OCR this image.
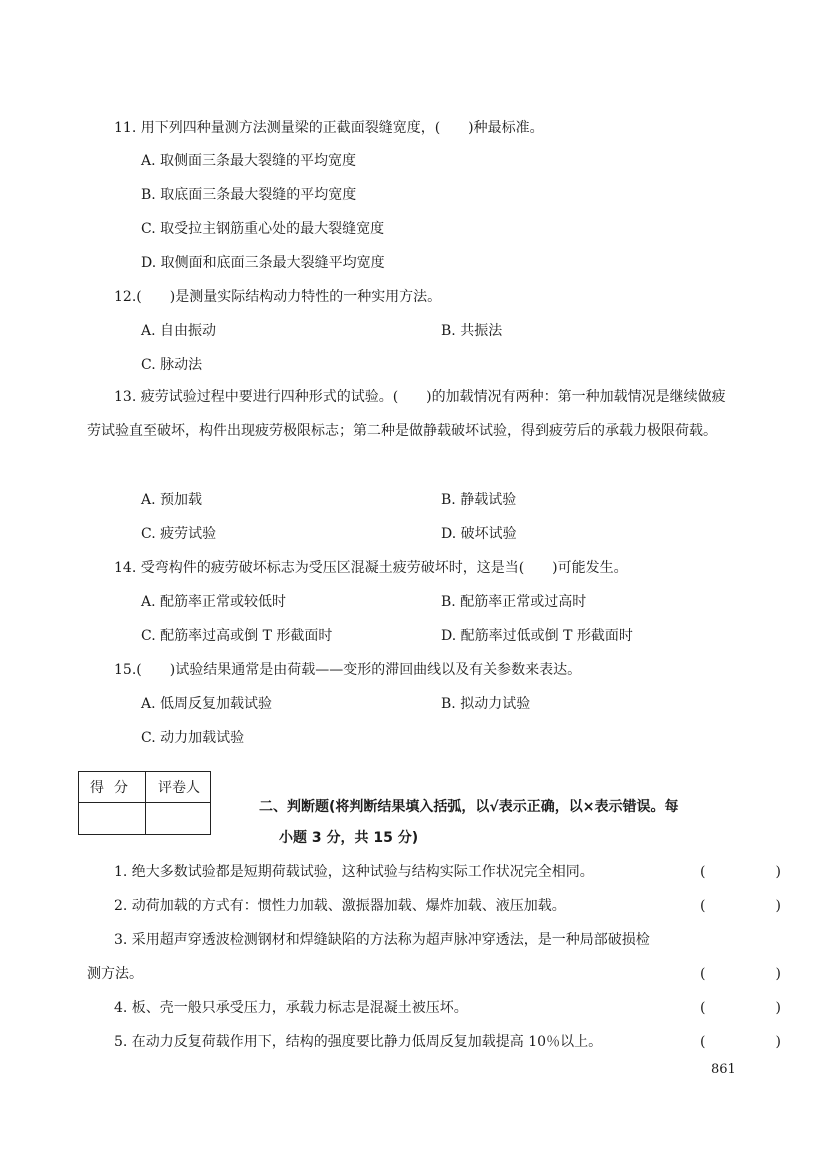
11. 用下列四种量测方法测量梁的正截面裂缝宽度，(　　)种最标准。
A. 取侧面三条最大裂缝的平均宽度
B. 取底面三条最大裂缝的平均宽度
C. 取受拉主钢筋重心处的最大裂缝宽度
D. 取侧面和底面三条最大裂缝平均宽度
12.(　　)是测量实际结构动力特性的一种实用方法。
A. 自由振动	B. 共振法
C. 脉动法
13. 疲劳试验过程中要进行四种形式的试验。(　　)的加载情况有两种：第一种加载情况是继续做疲劳试验直至破坏，构件出现疲劳极限标志；第二种是做静载破坏试验，得到疲劳后的承载力极限荷载。
A. 预加载	B. 静载试验
C. 疲劳试验	D. 破坏试验
14. 受弯构件的疲劳破坏标志为受压区混凝土疲劳破坏时，这是当(　　)可能发生。
A. 配筋率正常或较低时	B. 配筋率正常或过高时
C. 配筋率过高或倒 T 形截面时	D. 配筋率过低或倒 T 形截面时
15.(　　)试验结果通常是由荷载——变形的滞回曲线以及有关参数来表达。
A. 低周反复加载试验	B. 拟动力试验
C. 动力加载试验
得分	评卷人
二、判断题(将判断结果填入括弧，以√表示正确，以×表示错误。每
小题 3 分，共 15 分)
1. 绝大多数试验都是短期荷载试验，这种试验与结构实际工作状况完全相同。	(　)
2. 动荷加载的方式有：惯性力加载、激振器加载、爆炸加载、液压加载。	(　)
3. 采用超声穿透波检测钢材和焊缝缺陷的方法称为超声脉冲穿透法，是一种局部破损检
测方法。	(　)
4. 板、壳一般只承受压力，承载力标志是混凝土被压坏。	(　)
5. 在动力反复荷载作用下，结构的强度要比静力低周反复加载提高 10％以上。	(　)
861
